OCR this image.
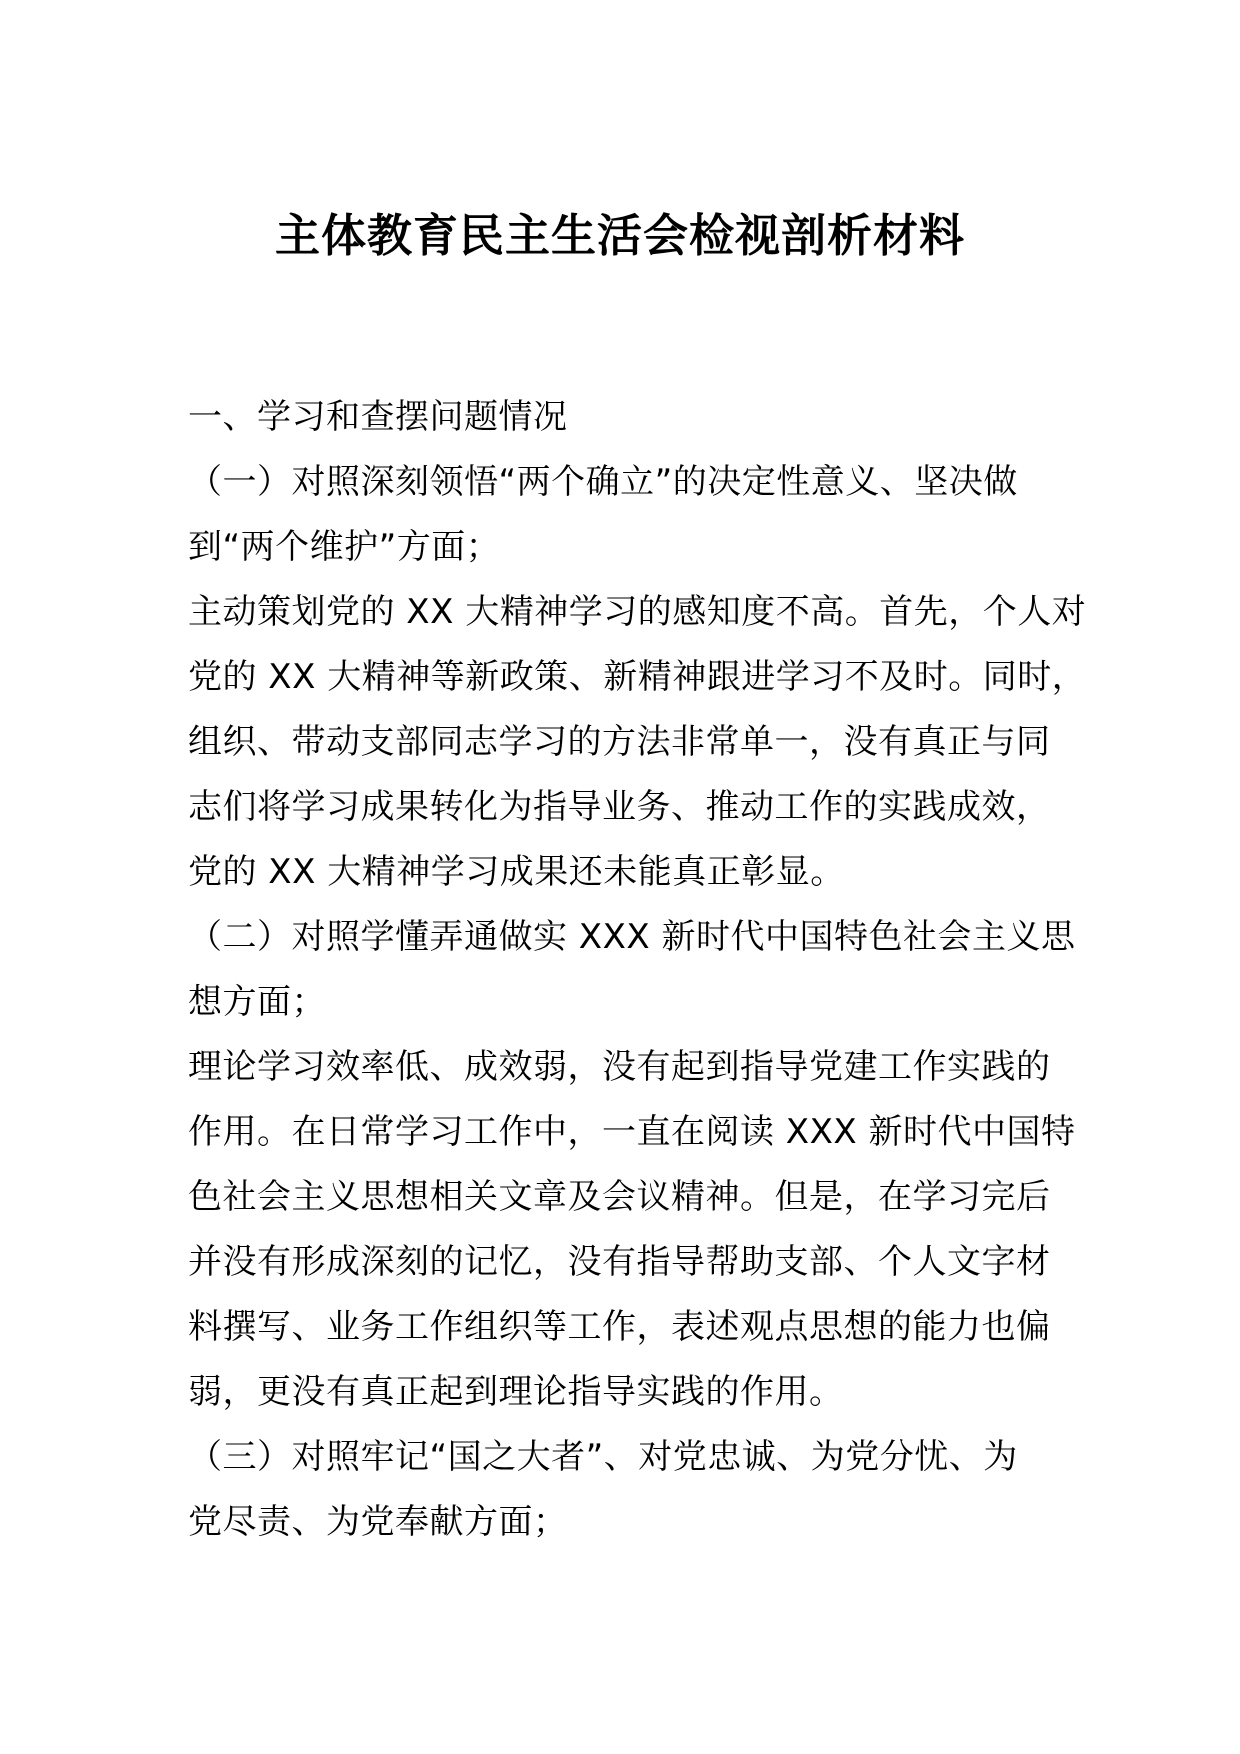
主体教育民主生活会检视剖析材料

一、学习和查摆问题情况

（一）对照深刻领悟“两个确立”的决定性意义、坚决做
到“两个维护”方面；

主动策划党的 XX 大精神学习的感知度不高。首先，个人对
党的 XX 大精神等新政策、新精神跟进学习不及时。同时，
组织、带动支部同志学习的方法非常单一，没有真正与同
志们将学习成果转化为指导业务、推动工作的实践成效，
党的 XX 大精神学习成果还未能真正彰显。

（二）对照学懂弄通做实 XXX 新时代中国特色社会主义思
想方面；

理论学习效率低、成效弱，没有起到指导党建工作实践的
作用。在日常学习工作中，一直在阅读 XXX 新时代中国特
色社会主义思想相关文章及会议精神。但是，在学习完后
并没有形成深刻的记忆，没有指导帮助支部、个人文字材
料撰写、业务工作组织等工作，表述观点思想的能力也偏
弱，更没有真正起到理论指导实践的作用。

（三）对照牢记“国之大者”、对党忠诚、为党分忧、为
党尽责、为党奉献方面；
